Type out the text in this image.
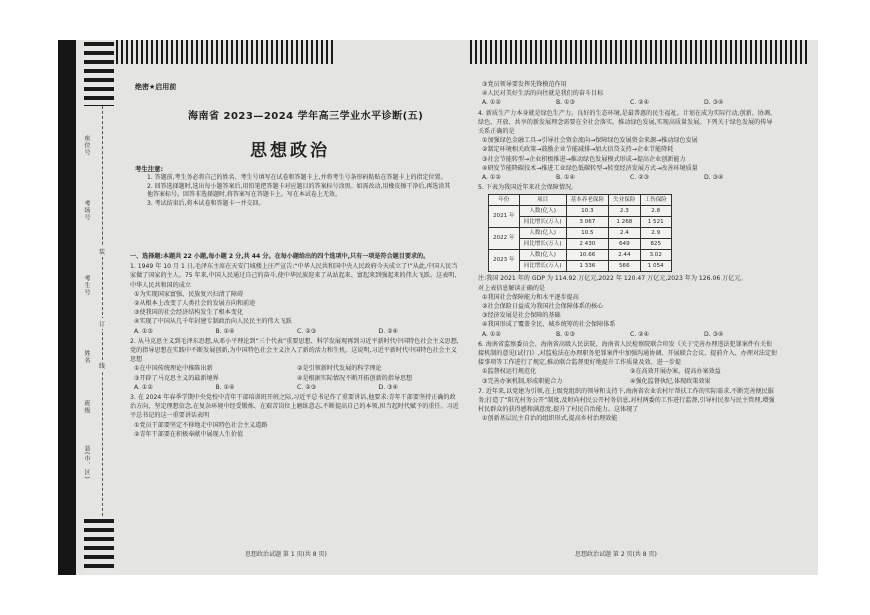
座位号
考场号
考生号
姓名
班级
县(市、区)
装
订
线
绝密★启用前
海南省 2023—2024 学年高三学业水平诊断(五)
思想政治
考生注意:

1. 答题前,考生务必将自己的姓名、考生号填写在试卷和答题卡上,并将考生号条形码粘贴在答题卡上的指定位置。

2. 回答选择题时,选出每小题答案后,用铅笔把答题卡对应题目的答案标号涂黑。如需改动,用橡皮擦干净后,再选涂其他答案标号。回答非选择题时,将答案写在答题卡上。写在本试卷上无效。

3. 考试结束后,将本试卷和答题卡一并交回。

一、选择题:本题共 22 小题,每小题 2 分,共 44 分。在每小题给出的四个选项中,只有一项是符合题目要求的。
1. 1949 年 10 月 1 日,毛泽东主席在天安门城楼上庄严宣告:“中华人民共和国中央人民政府今天成立了!”从此,中国人民当家做了国家的主人。75 年来,中国人民通过自己的奋斗,使中华民族迎来了从站起来、富起来到强起来的伟大飞跃。这表明,中华人民共和国的成立
①为实现国家富强、民族复兴扫清了障碍
②从根本上改变了人类社会的发展方向和前途
③使我国的社会经济结构发生了根本变化
④实现了中国从几千年封建专制政治向人民民主的伟大飞跃
A. ①③	B. ①④	C. ②③	D. ②④
2. 从马克思主义到毛泽东思想,从邓小平理论到“三个代表”重要思想、科学发展观再到习近平新时代中国特色社会主义思想,党的指导思想在实践中不断发展创新,为中国特色社会主义注入了新的活力和生机。这说明,习近平新时代中国特色社会主义思想
①在中国传统理论中推陈出新	②是引领新时代发展的科学理论
③开辟了马克思主义的最新境界	④是根据实际情况不断开拓创新的指导思想
A. ①②	B. ①④	C. ②③	D. ③④
3. 在 2024 年春季学期中央党校中青年干部培训班开班之际,习近平总书记作了重要讲话,他要求:青年干部要坚持正确的政治方向、坚定理想信念,在复杂环境中经受锻炼、在艰苦岗位上磨练意志,不断提高自己的本领,担当起时代赋予的重任。习近平总书记的这一重要讲话表明
①党员干部要坚定不移地走中国特色社会主义道路
②青年干部要在积极奉献中展现人生价值
③党员领导要发挥先锋模范作用
④人民对美好生活的向往就是我们的奋斗目标
A. ①②	B. ①③	C. ②④	D. ③④
4. 新质生产力本身就是绿色生产力。良好的生态环境,是最普惠的民生福祉。计划在成为实际行动,创新、协调、绿色、开放、共享的新发展理念需要在全社会落实。推动绿色发展,实现高质量发展。下列关于绿色发展的传导关系正确的是
①加强绿色金融工具→引导社会资金流向→保障绿色发展资金来源→推动绿色发展
②制定环境相关政策→鼓励企业节能减排→加大信贷支持→企业节能降耗
③社会节能转型→企业积极推进→推动绿色发展模式形成→提高企业创新能力
④研发节能降碳技术→推进工业绿色低碳转型→转变经济发展方式→改善环境质量
A. ①②	B. ①④	C. ②③	D. ③④
5. 下表为我国近年来社会保障情况。
年份	项目	基本养老保险	失业保险	工伤保险
2021 年	人数(亿人)	10.3	2.3	2.8
	同比增长(万人)	3 067	1 268	1 521
2022 年	人数(亿人)	10.5	2.4	2.9
	同比增长(万人)	2 430	649	825
2023 年	人数(亿人)	10.66	2.44	3.02
	同比增长(万人)	1 336	566	1 054
注:我国 2021 年的 GDP 为 114.92 万亿元,2022 年 120.47 万亿元,2023 年为 126.06 万亿元。
对上表信息解读正确的是
①我国社会保障能力和水平逐步提高
②社会保险日益成为我国社会保障体系的核心
③经济发展是社会保障的基础
④我国形成了覆盖全民、城乡统筹的社会保障体系
A. ①②	B. ①③	C. ②④	D. ③④
6. 海南省监察委员会、海南省高级人民法院、海南省人民检察院联合印发《关于完善办理违法犯罪案件有关衔接机制的意见(试行)》,对监检法在办理职务犯罪案件中加强沟通协调、开展联合会议、提前介入、办理对法定衔接事项等工作进行了规定,推动联合监督更好地提升工作质量及效、进一步提
①监督权运行规范化	②在高效开展办案、提高办案效益
③完善办案机制,形成职能合力	④强化监督执纪,体现政策效果
7. 近年来,以党建为引领,在上级党组织的领导和支持下,海南省农业农村厅帮扶工作的实际需求,不断完善便民服务;打造了“阳光村务公开”制度,及时向村民公开村务信息,对村两委的工作进行监督,引导村民参与民主管理,增强村民群众的获得感和满意度,提升了村民自治能力。这体现了
①创新基层民主自治的组织形式,提高乡村治理效能
思想政治试题 第 1 页(共 8 页)	思想政治试题 第 2 页(共 8 页)
